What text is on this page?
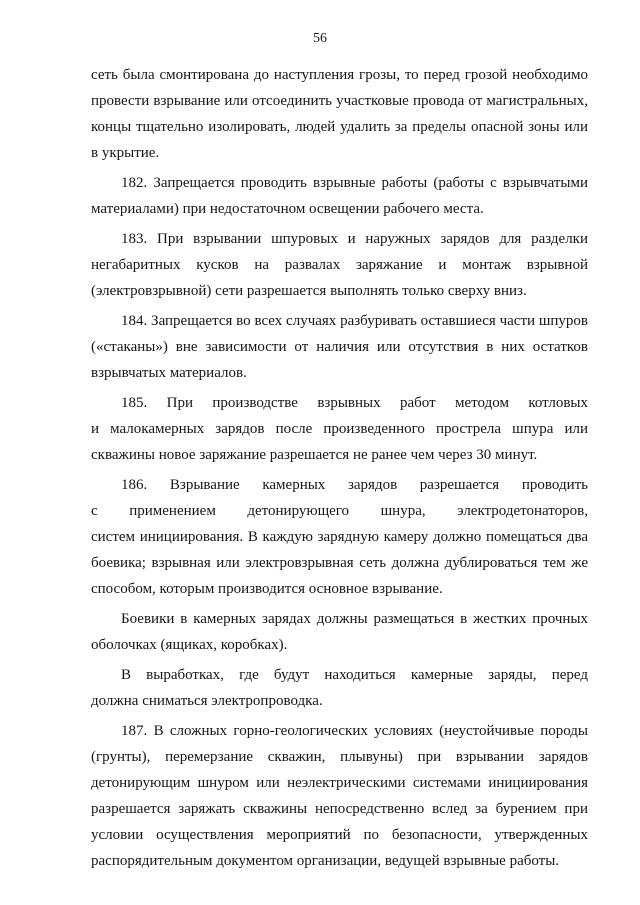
56
сеть была смонтирована до наступления грозы, то перед грозой необходимо
провести взрывание или отсоединить участковые провода от магистральных,
концы тщательно изолировать, людей удалить за пределы опасной зоны или
в укрытие.
182. Запрещается проводить взрывные работы (работы с взрывчатыми
материалами) при недостаточном освещении рабочего места.
183. При взрывании шпуровых и наружных зарядов для разделки
негабаритных кусков на развалах заряжание и монтаж взрывной
(электровзрывной) сети разрешается выполнять только сверху вниз.
184. Запрещается во всех случаях разбуривать оставшиеся части шпуров
(«стаканы») вне зависимости от наличия или отсутствия в них остатков
взрывчатых материалов.
185. При производстве взрывных работ методом котловых
и малокамерных зарядов после произведенного прострела шпура или
скважины новое заряжание разрешается не ранее чем через 30 минут.
186. Взрывание камерных зарядов разрешается проводить
с применением детонирующего шнура, электродетонаторов,
систем инициирования. В каждую зарядную камеру должно помещаться два
боевика; взрывная или электровзрывная сеть должна дублироваться тем же
способом, которым производится основное взрывание.
Боевики в камерных зарядах должны размещаться в жестких прочных
оболочках (ящиках, коробках).
В выработках, где будут находиться камерные заряды, перед
должна сниматься электропроводка.
187. В сложных горно-геологических условиях (неустойчивые породы
(грунты), перемерзание скважин, плывуны) при взрывании зарядов
детонирующим шнуром или неэлектрическими системами инициирования
разрешается заряжать скважины непосредственно вслед за бурением при
условии осуществления мероприятий по безопасности, утвержденных
распорядительным документом организации, ведущей взрывные работы.
